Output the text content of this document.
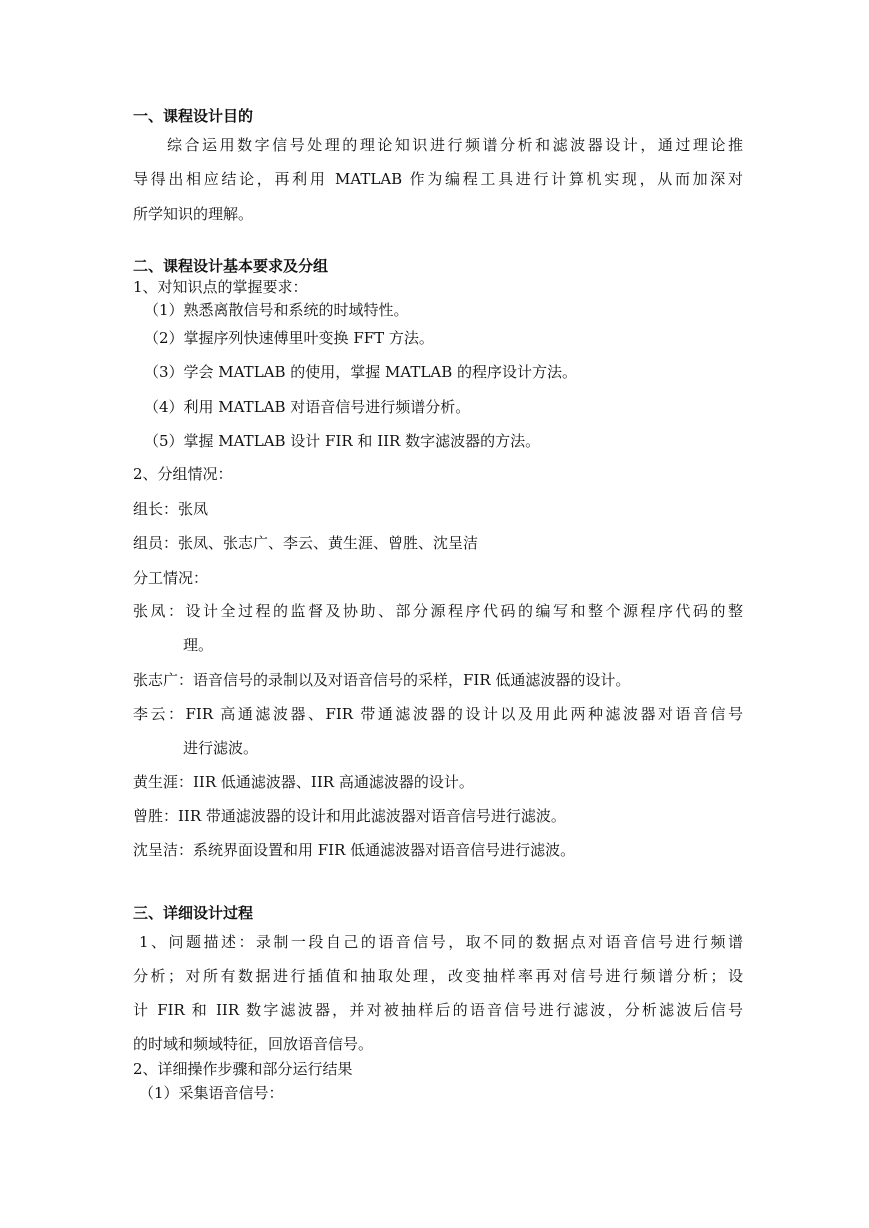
一、课程设计目的
综合运用数字信号处理的理论知识进行频谱分析和滤波器设计，通过理论推
导得出相应结论，再利用 MATLAB 作为编程工具进行计算机实现，从而加深对
所学知识的理解。
二、课程设计基本要求及分组
1、对知识点的掌握要求：
（1）熟悉离散信号和系统的时域特性。
（2）掌握序列快速傅里叶变换 FFT 方法。
（3）学会 MATLAB 的使用，掌握 MATLAB 的程序设计方法。
（4）利用 MATLAB 对语音信号进行频谱分析。
（5）掌握 MATLAB 设计 FIR 和 IIR 数字滤波器的方法。
2、分组情况：
组长：张凤
组员：张凤、张志广、李云、黄生涯、曾胜、沈呈洁
分工情况：
张凤：设计全过程的监督及协助、部分源程序代码的编写和整个源程序代码的整
理。
张志广：语音信号的录制以及对语音信号的采样，FIR 低通滤波器的设计。
李云：FIR 高通滤波器、FIR 带通滤波器的设计以及用此两种滤波器对语音信号
进行滤波。
黄生涯：IIR 低通滤波器、IIR 高通滤波器的设计。
曾胜：IIR 带通滤波器的设计和用此滤波器对语音信号进行滤波。
沈呈洁：系统界面设置和用 FIR 低通滤波器对语音信号进行滤波。
三、详细设计过程
1、问题描述：录制一段自己的语音信号，取不同的数据点对语音信号进行频谱
分析；对所有数据进行插值和抽取处理，改变抽样率再对信号进行频谱分析；设
计 FIR 和 IIR 数字滤波器，并对被抽样后的语音信号进行滤波，分析滤波后信号
的时域和频域特征，回放语音信号。
2、详细操作步骤和部分运行结果
（1）采集语音信号：
